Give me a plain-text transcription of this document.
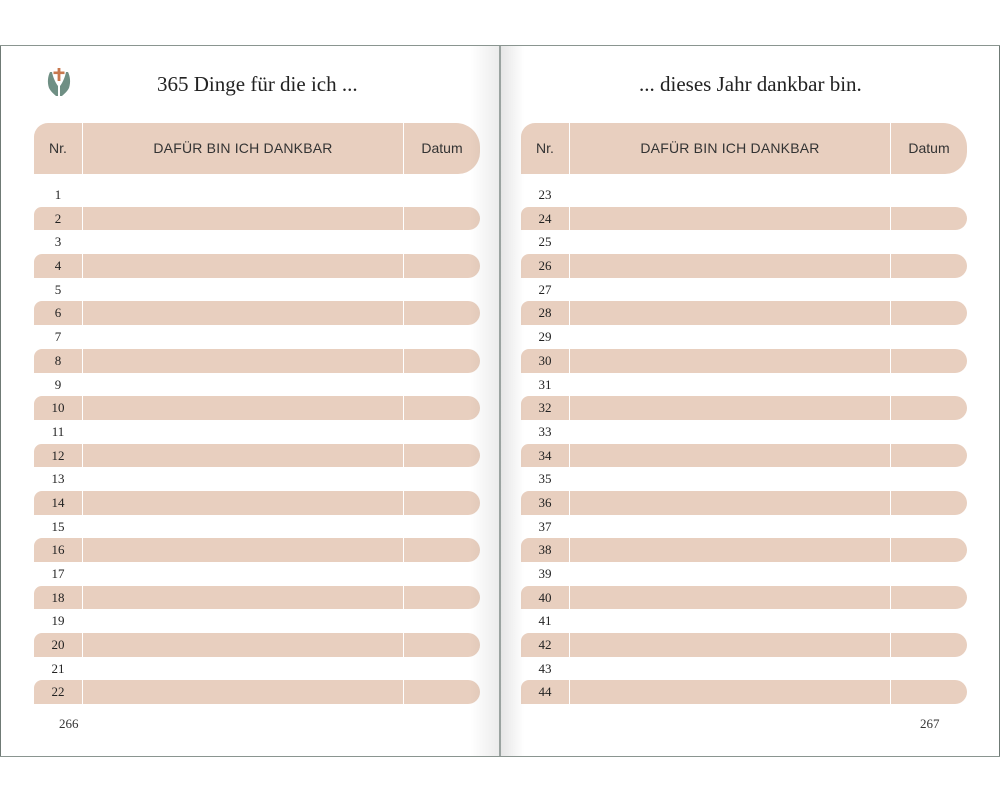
365 Dinge für die ich ...
Nr.	DAFÜR BIN ICH DANKBAR	Datum
1
2
3
4
5
6
7
8
9
10
11
12
13
14
15
16
17
18
19
20
21
22
266
... dieses Jahr dankbar bin.
Nr.	DAFÜR BIN ICH DANKBAR	Datum
23
24
25
26
27
28
29
30
31
32
33
34
35
36
37
38
39
40
41
42
43
44
267
